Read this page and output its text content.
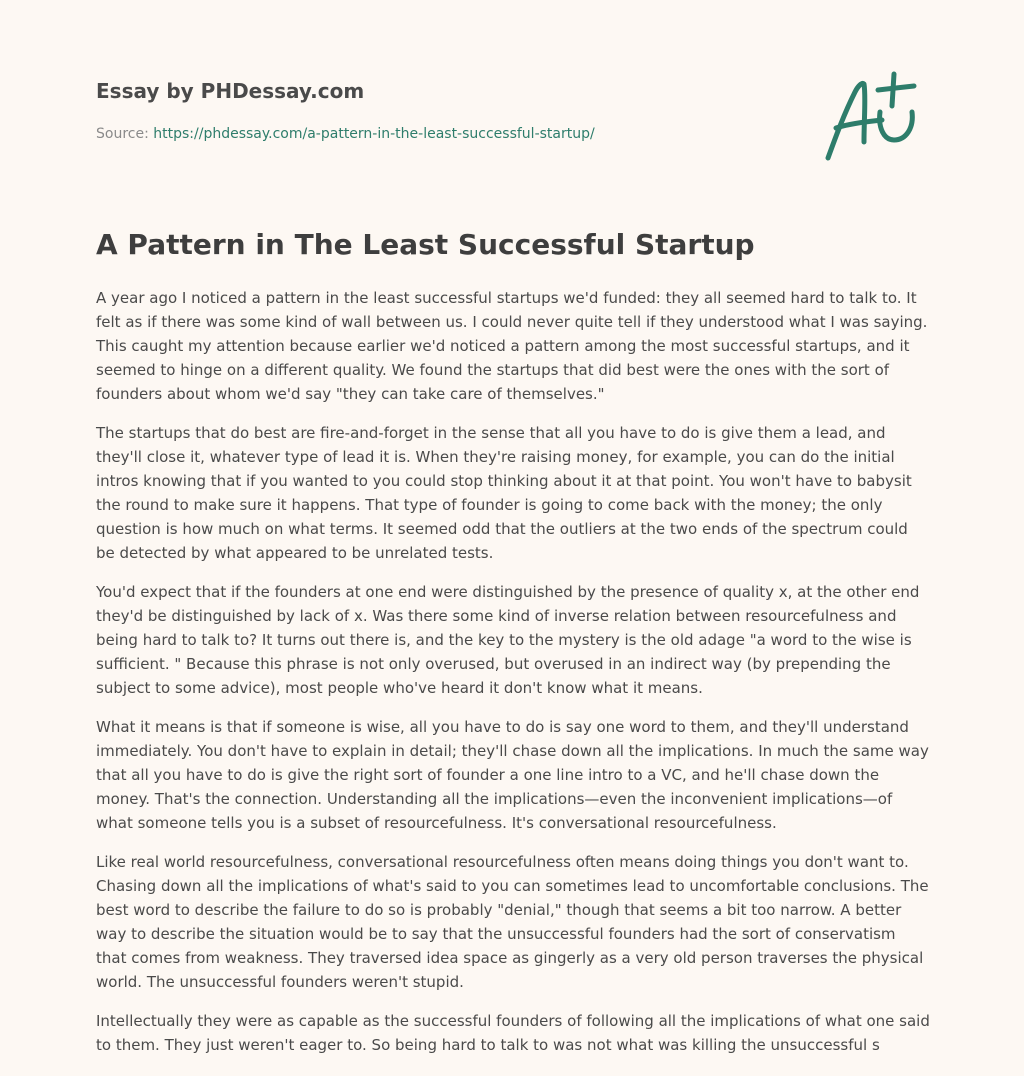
Essay by PHDessay.com
Source: https://phdessay.com/a-pattern-in-the-least-successful-startup/
A Pattern in The Least Successful Startup

A year ago I noticed a pattern in the least successful startups we'd funded: they all seemed hard to talk to. It felt as if there was some kind of wall between us. I could never quite tell if they understood what I was saying. This caught my attention because earlier we'd noticed a pattern among the most successful startups, and it seemed to hinge on a different quality. We found the startups that did best were the ones with the sort of founders about whom we'd say "they can take care of themselves."

The startups that do best are fire-and-forget in the sense that all you have to do is give them a lead, and they'll close it, whatever type of lead it is. When they're raising money, for example, you can do the initial intros knowing that if you wanted to you could stop thinking about it at that point. You won't have to babysit the round to make sure it happens. That type of founder is going to come back with the money; the only question is how much on what terms. It seemed odd that the outliers at the two ends of the spectrum could be detected by what appeared to be unrelated tests.

You'd expect that if the founders at one end were distinguished by the presence of quality x, at the other end they'd be distinguished by lack of x. Was there some kind of inverse relation between resourcefulness and being hard to talk to? It turns out there is, and the key to the mystery is the old adage "a word to the wise is sufficient. " Because this phrase is not only overused, but overused in an indirect way (by prepending the subject to some advice), most people who've heard it don't know what it means.

What it means is that if someone is wise, all you have to do is say one word to them, and they'll understand immediately. You don't have to explain in detail; they'll chase down all the implications. In much the same way that all you have to do is give the right sort of founder a one line intro to a VC, and he'll chase down the money. That's the connection. Understanding all the implications—even the inconvenient implications—of what someone tells you is a subset of resourcefulness. It's conversational resourcefulness.

Like real world resourcefulness, conversational resourcefulness often means doing things you don't want to. Chasing down all the implications of what's said to you can sometimes lead to uncomfortable conclusions. The best word to describe the failure to do so is probably "denial," though that seems a bit too narrow. A better way to describe the situation would be to say that the unsuccessful founders had the sort of conservatism that comes from weakness. They traversed idea space as gingerly as a very old person traverses the physical world. The unsuccessful founders weren't stupid.

Intellectually they were as capable as the successful founders of following all the implications of what one said to them. They just weren't eager to. So being hard to talk to was not what was killing the unsuccessful s
